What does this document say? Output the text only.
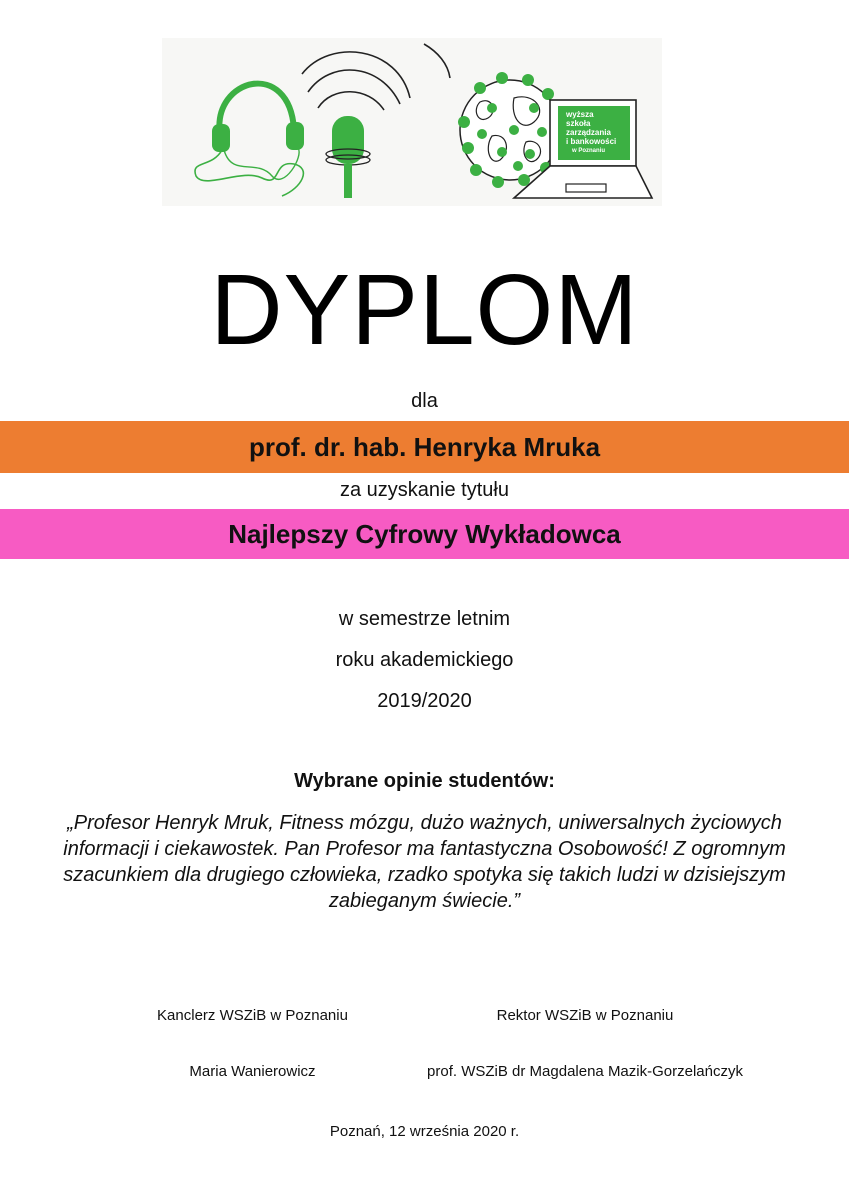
wyższa
szkoła
zarządzania
i bankowości
w Poznaniu
DYPLOM
dla
prof. dr. hab. Henryka Mruka
za uzyskanie tytułu
Najlepszy Cyfrowy Wykładowca
w semestrze letnim
roku akademickiego
2019/2020
Wybrane opinie studentów:
„Profesor Henryk Mruk, Fitness mózgu, dużo ważnych, uniwersalnych życiowych informacji i ciekawostek. Pan Profesor ma fantastyczna Osobowość! Z ogromnym szacunkiem dla drugiego człowieka, rzadko spotyka się takich ludzi w dzisiejszym zabieganym świecie.”
Kanclerz WSZiB w Poznaniu
Maria Wanierowicz
Rektor WSZiB w Poznaniu
prof. WSZiB dr Magdalena Mazik-Gorzelańczyk
Poznań, 12 września 2020 r.
